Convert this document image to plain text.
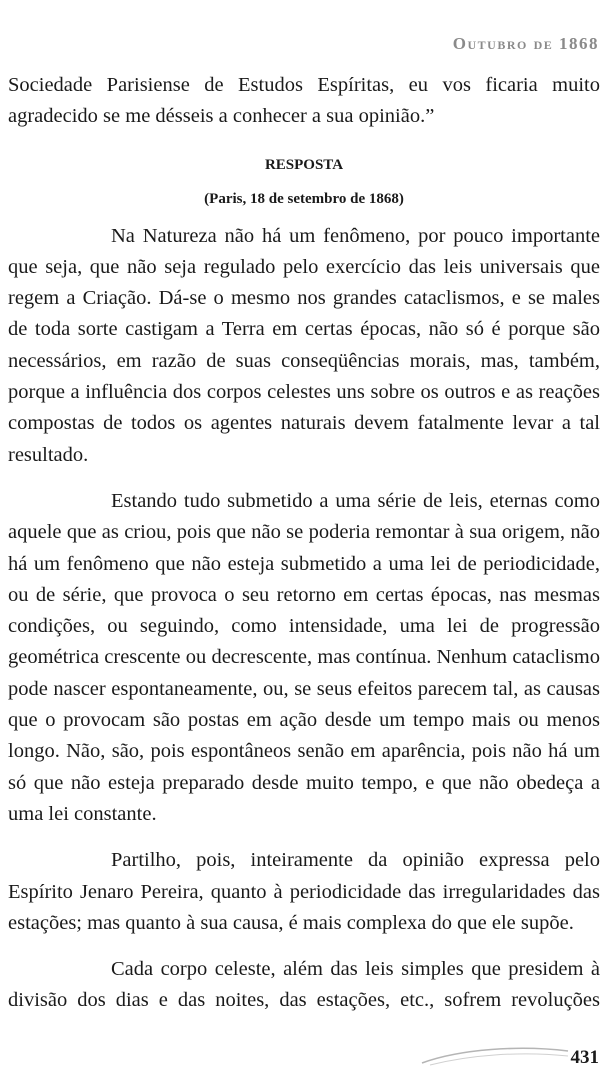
Outubro de 1868

Sociedade Parisiense de Estudos Espíritas, eu vos ficaria muito agradecido se me désseis a conhecer a sua opinião.”

RESPOSTA
(Paris, 18 de setembro de 1868)

Na Natureza não há um fenômeno, por pouco importante que seja, que não seja regulado pelo exercício das leis universais que regem a Criação. Dá-se o mesmo nos grandes cataclismos, e se males de toda sorte castigam a Terra em certas épocas, não só é porque são necessários, em razão de suas conseqüências morais, mas, também, porque a influência dos corpos celestes uns sobre os outros e as reações compostas de todos os agentes naturais devem fatalmente levar a tal resultado.

Estando tudo submetido a uma série de leis, eternas como aquele que as criou, pois que não se poderia remontar à sua origem, não há um fenômeno que não esteja submetido a uma lei de periodicidade, ou de série, que provoca o seu retorno em certas épocas, nas mesmas condições, ou seguindo, como intensidade, uma lei de progressão geométrica crescente ou decrescente, mas contínua. Nenhum cataclismo pode nascer espontaneamente, ou, se seus efeitos parecem tal, as causas que o provocam são postas em ação desde um tempo mais ou menos longo. Não, são, pois espontâneos senão em aparência, pois não há um só que não esteja preparado desde muito tempo, e que não obedeça a uma lei constante.

Partilho, pois, inteiramente da opinião expressa pelo Espírito Jenaro Pereira, quanto à periodicidade das irregularidades das estações; mas quanto à sua causa, é mais complexa do que ele supõe.

Cada corpo celeste, além das leis simples que presidem à divisão dos dias e das noites, das estações, etc., sofrem revoluções

431
